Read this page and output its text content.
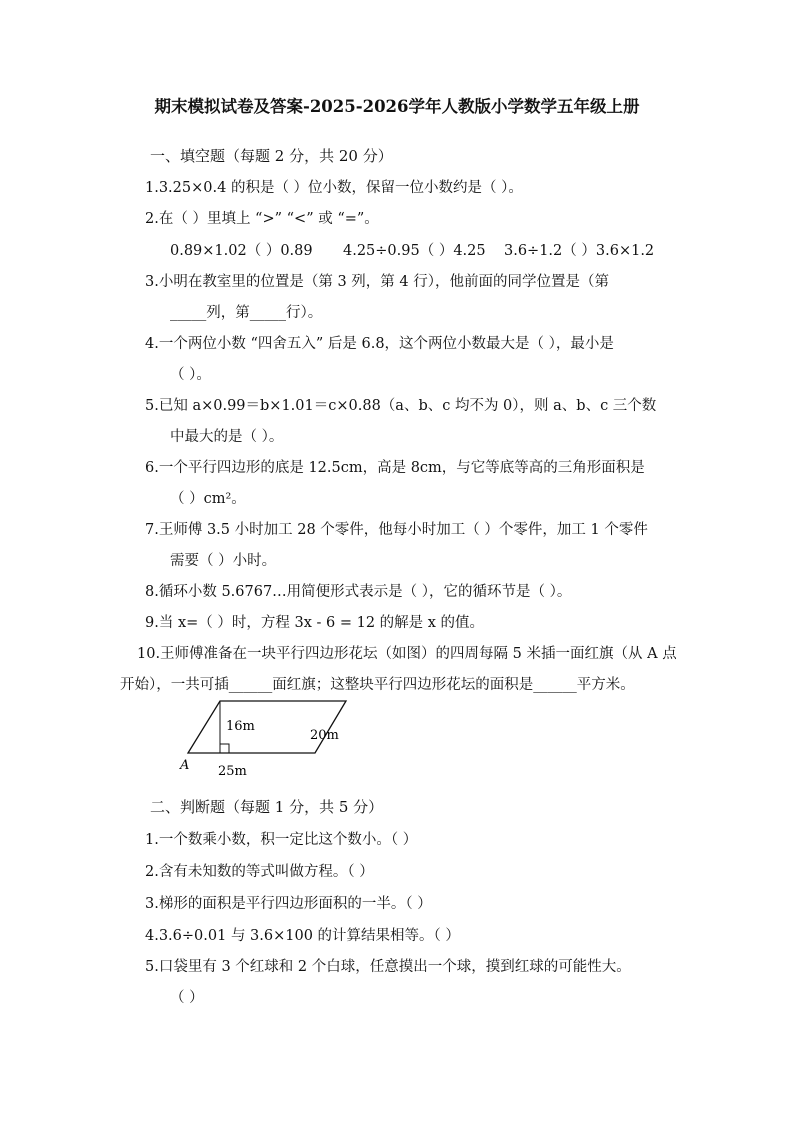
期末模拟试卷及答案-2025-2026学年人教版小学数学五年级上册
一、填空题（每题 2 分，共 20 分）
1.3.25×0.4 的积是（ ）位小数，保留一位小数约是（ ）。
2.在（ ）里填上 “>” “<” 或 “=”。
0.89×1.02（ ）0.89 4.25÷0.95（ ）4.25 3.6÷1.2（ ）3.6×1.2
3.小明在教室里的位置是（第 3 列，第 4 行），他前面的同学位置是（第
_____列，第_____行）。
4.一个两位小数 “四舍五入” 后是 6.8，这个两位小数最大是（ ），最小是
（ ）。
5.已知 a×0.99＝b×1.01＝c×0.88（a、b、c 均不为 0），则 a、b、c 三个数
中最大的是（ ）。
6.一个平行四边形的底是 12.5cm，高是 8cm，与它等底等高的三角形面积是
（ ）cm²。
7.王师傅 3.5 小时加工 28 个零件，他每小时加工（ ）个零件，加工 1 个零件
需要（ ）小时。
8.循环小数 5.6767…用简便形式表示是（ ），它的循环节是（ ）。
9.当 x=（ ）时，方程 3x - 6 = 12 的解是 x 的值。
10.王师傅准备在一块平行四边形花坛（如图）的四周每隔 5 米插一面红旗（从 A 点
开始），一共可插______面红旗；这整块平行四边形花坛的面积是______平方米。
16m
20m
25m
A
二、判断题（每题 1 分，共 5 分）
1.一个数乘小数，积一定比这个数小。（ ）
2.含有未知数的等式叫做方程。（ ）
3.梯形的面积是平行四边形面积的一半。（ ）
4.3.6÷0.01 与 3.6×100 的计算结果相等。（ ）
5.口袋里有 3 个红球和 2 个白球，任意摸出一个球，摸到红球的可能性大。
（ ）
